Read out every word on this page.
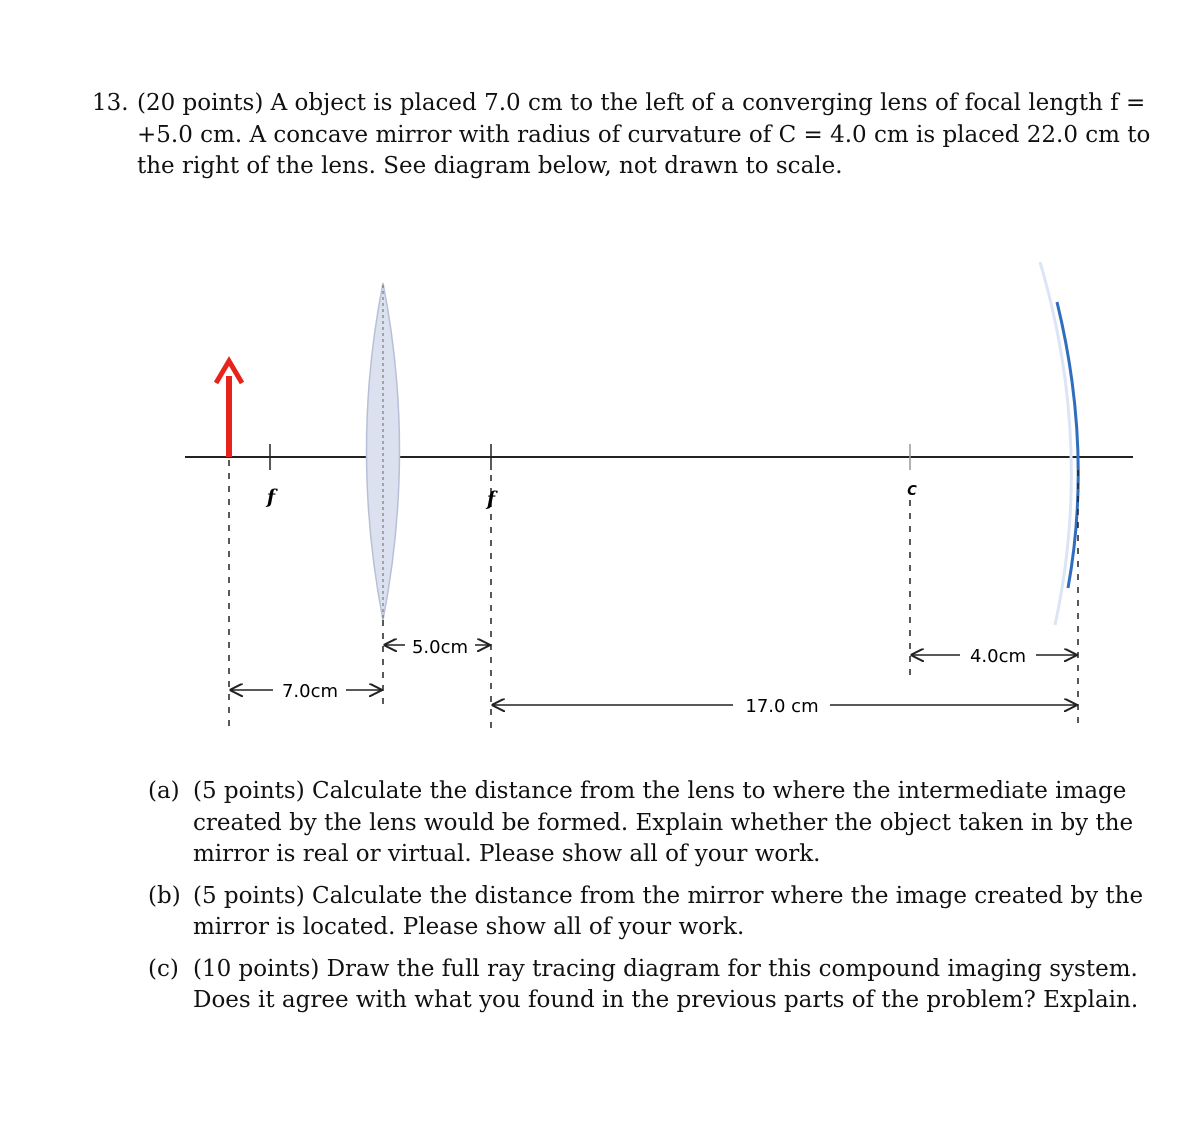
13. (20 points) A object is placed 7.0 cm to the left of a converging lens of focal length f =
+5.0 cm. A concave mirror with radius of curvature of C = 4.0 cm is placed 22.0 cm to
the right of the lens. See diagram below, not drawn to scale.
f	f	C
5.0cm	4.0cm
7.0cm
17.0 cm
(a) (5 points) Calculate the distance from the lens to where the intermediate image
created by the lens would be formed. Explain whether the object taken in by the
mirror is real or virtual. Please show all of your work.
(b) (5 points) Calculate the distance from the mirror where the image created by the
mirror is located. Please show all of your work.
(c) (10 points) Draw the full ray tracing diagram for this compound imaging system.
Does it agree with what you found in the previous parts of the problem? Explain.
